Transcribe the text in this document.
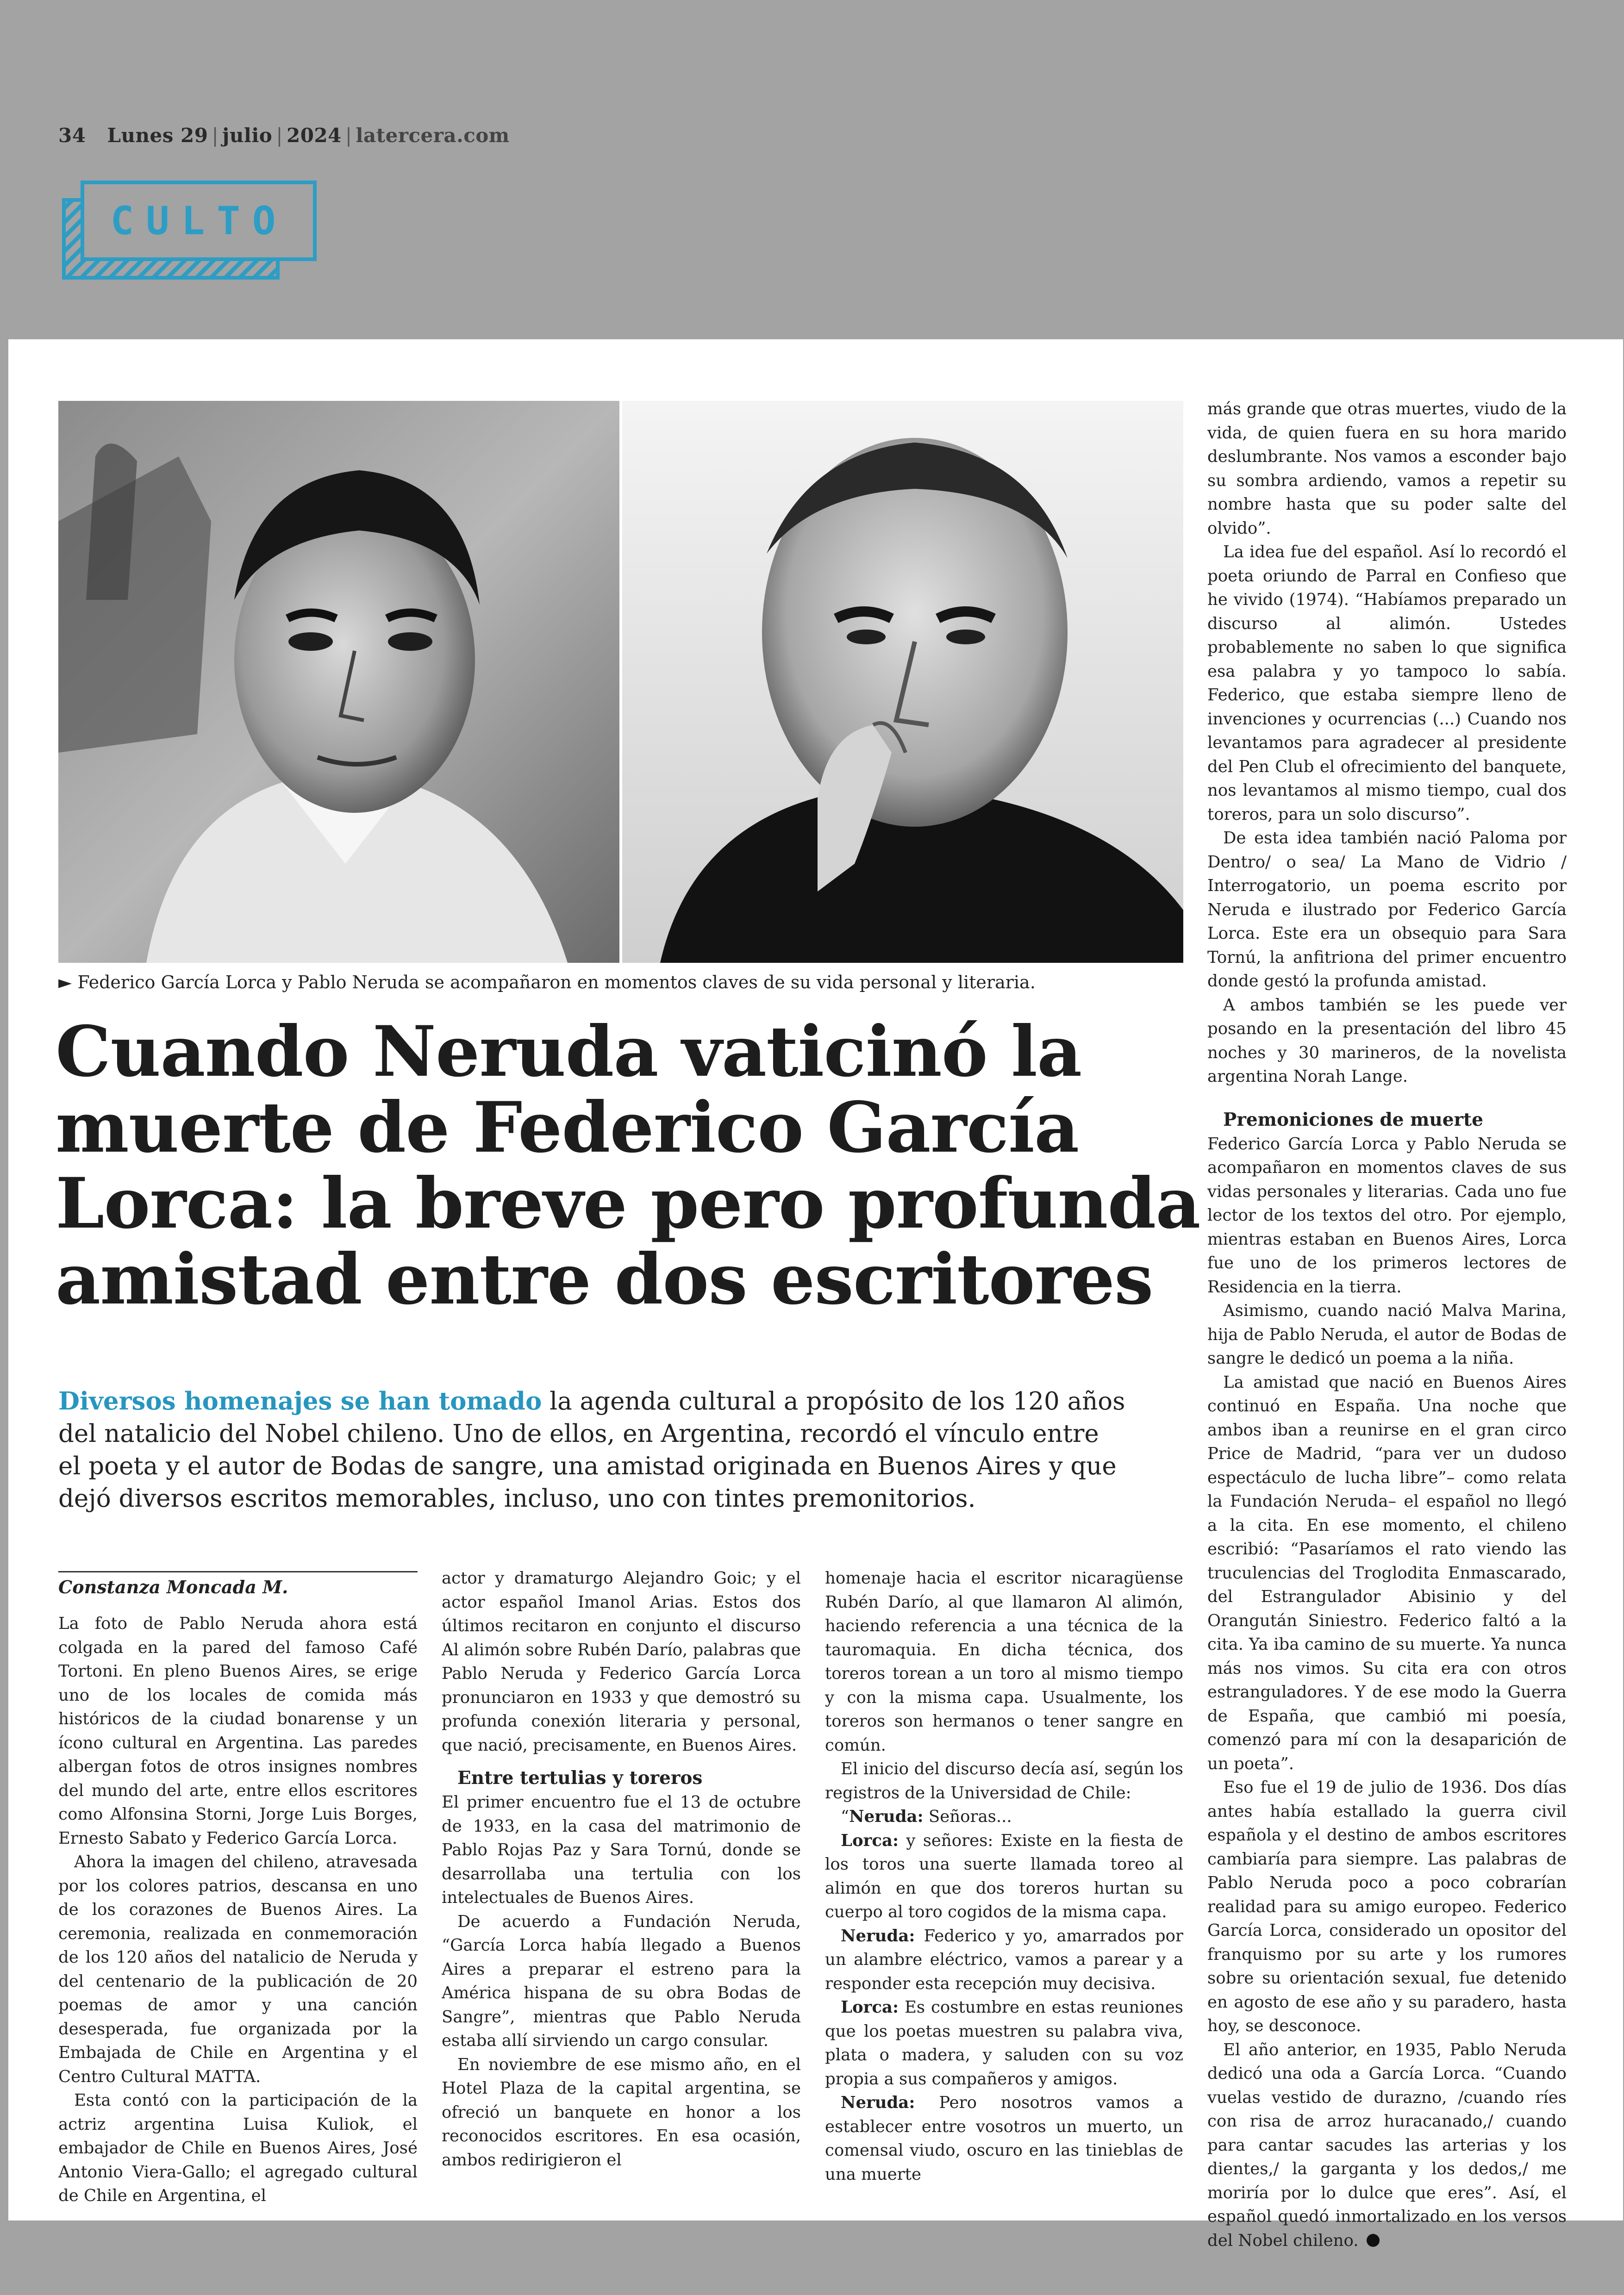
34 Lunes 29 | julio | 2024 | latercera.com
CULTO
► Federico García Lorca y Pablo Neruda se acompañaron en momentos claves de su vida personal y literaria.
Cuando Neruda vaticinó la
muerte de Federico García
Lorca: la breve pero profunda
amistad entre dos escritores
Diversos homenajes se han tomado la agenda cultural a propósito de los 120 años
del natalicio del Nobel chileno. Uno de ellos, en Argentina, recordó el vínculo entre
el poeta y el autor de Bodas de sangre, una amistad originada en Buenos Aires y que
dejó diversos escritos memorables, incluso, uno con tintes premonitorios.
Constanza Moncada M.

La foto de Pablo Neruda ahora está colgada en la pared del famoso Café Tortoni. En pleno Buenos Aires, se erige uno de los locales de comida más históricos de la ciudad bonarense y un ícono cultural en Argentina. Las paredes albergan fotos de otros insignes nombres del mundo del arte, entre ellos escritores como Alfonsina Storni, Jorge Luis Borges, Ernesto Sabato y Federico García Lorca.

Ahora la imagen del chileno, atravesada por los colores patrios, descansa en uno de los corazones de Buenos Aires. La ceremonia, realizada en conmemoración de los 120 años del natalicio de Neruda y del centenario de la publicación de 20 poemas de amor y una canción desesperada, fue organizada por la Embajada de Chile en Argentina y el Centro Cultural MATTA.

Esta contó con la participación de la actriz argentina Luisa Kuliok, el embajador de Chile en Buenos Aires, José Antonio Viera-Gallo; el agregado cultural de Chile en Argentina, el

actor y dramaturgo Alejandro Goic; y el actor español Imanol Arias. Estos dos últimos recitaron en conjunto el discurso Al alimón sobre Rubén Darío, palabras que Pablo Neruda y Federico García Lorca pronunciaron en 1933 y que demostró su profunda conexión literaria y personal, que nació, precisamente, en Buenos Aires.

Entre tertulias y toreros

El primer encuentro fue el 13 de octubre de 1933, en la casa del matrimonio de Pablo Rojas Paz y Sara Tornú, donde se desarrollaba una tertulia con los intelectuales de Buenos Aires.

De acuerdo a Fundación Neruda, “García Lorca había llegado a Buenos Aires a preparar el estreno para la América hispana de su obra Bodas de Sangre”, mientras que Pablo Neruda estaba allí sirviendo un cargo consular.

En noviembre de ese mismo año, en el Hotel Plaza de la capital argentina, se ofreció un banquete en honor a los reconocidos escritores. En esa ocasión, ambos redirigieron el

homenaje hacia el escritor nicaragüense Rubén Darío, al que llamaron Al alimón, haciendo referencia a una técnica de la tauromaquia. En dicha técnica, dos toreros torean a un toro al mismo tiempo y con la misma capa. Usualmente, los toreros son hermanos o tener sangre en común.

El inicio del discurso decía así, según los registros de la Universidad de Chile:

“Neruda: Señoras...

Lorca: y señores: Existe en la fiesta de los toros una suerte llamada toreo al alimón en que dos toreros hurtan su cuerpo al toro cogidos de la misma capa.

Neruda: Federico y yo, amarrados por un alambre eléctrico, vamos a parear y a responder esta recepción muy decisiva.

Lorca: Es costumbre en estas reuniones que los poetas muestren su palabra viva, plata o madera, y saluden con su voz propia a sus compañeros y amigos.

Neruda: Pero nosotros vamos a establecer entre vosotros un muerto, un comensal viudo, oscuro en las tinieblas de una muerte

más grande que otras muertes, viudo de la vida, de quien fuera en su hora marido deslumbrante. Nos vamos a esconder bajo su sombra ardiendo, vamos a repetir su nombre hasta que su poder salte del olvido”.

La idea fue del español. Así lo recordó el poeta oriundo de Parral en Confieso que he vivido (1974). “Habíamos preparado un discurso al alimón. Ustedes probablemente no saben lo que significa esa palabra y yo tampoco lo sabía. Federico, que estaba siempre lleno de invenciones y ocurrencias (...) Cuando nos levantamos para agradecer al presidente del Pen Club el ofrecimiento del banquete, nos levantamos al mismo tiempo, cual dos toreros, para un solo discurso”.

De esta idea también nació Paloma por Dentro/ o sea/ La Mano de Vidrio / Interrogatorio, un poema escrito por Neruda e ilustrado por Federico García Lorca. Este era un obsequio para Sara Tornú, la anfitriona del primer encuentro donde gestó la profunda amistad.

A ambos también se les puede ver posando en la presentación del libro 45 noches y 30 marineros, de la novelista argentina Norah Lange.

Premoniciones de muerte

Federico García Lorca y Pablo Neruda se acompañaron en momentos claves de sus vidas personales y literarias. Cada uno fue lector de los textos del otro. Por ejemplo, mientras estaban en Buenos Aires, Lorca fue uno de los primeros lectores de Residencia en la tierra.

Asimismo, cuando nació Malva Marina, hija de Pablo Neruda, el autor de Bodas de sangre le dedicó un poema a la niña.

La amistad que nació en Buenos Aires continuó en España. Una noche que ambos iban a reunirse en el gran circo Price de Madrid, “para ver un dudoso espectáculo de lucha libre”– como relata la Fundación Neruda– el español no llegó a la cita. En ese momento, el chileno escribió: “Pasaríamos el rato viendo las truculencias del Troglodita Enmascarado, del Estrangulador Abisinio y del Orangután Siniestro. Federico faltó a la cita. Ya iba camino de su muerte. Ya nunca más nos vimos. Su cita era con otros estranguladores. Y de ese modo la Guerra de España, que cambió mi poesía, comenzó para mí con la desaparición de un poeta”.

Eso fue el 19 de julio de 1936. Dos días antes había estallado la guerra civil española y el destino de ambos escritores cambiaría para siempre. Las palabras de Pablo Neruda poco a poco cobrarían realidad para su amigo europeo. Federico García Lorca, considerado un opositor del franquismo por su arte y los rumores sobre su orientación sexual, fue detenido en agosto de ese año y su paradero, hasta hoy, se desconoce.

El año anterior, en 1935, Pablo Neruda dedicó una oda a García Lorca. “Cuando vuelas vestido de durazno, /cuando ríes con risa de arroz huracanado,/ cuando para cantar sacudes las arterias y los dientes,/ la garganta y los dedos,/ me moriría por lo dulce que eres”. Así, el español quedó inmortalizado en los versos del Nobel chileno.
